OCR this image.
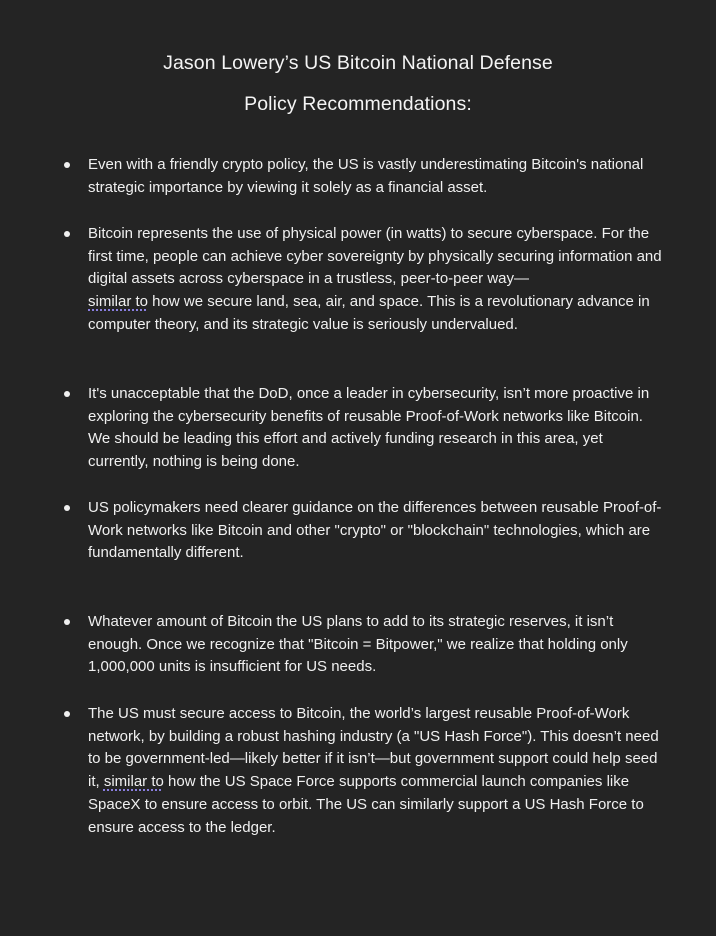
Jason Lowery’s US Bitcoin National Defense
Policy Recommendations:
Even with a friendly crypto policy, the US is vastly underestimating Bitcoin's national strategic importance by viewing it solely as a financial asset.
Bitcoin represents the use of physical power (in watts) to secure cyberspace. For the first time, people can achieve cyber sovereignty by physically securing information and digital assets across cyberspace in a trustless, peer-to-peer way—
similar to how we secure land, sea, air, and space. This is a revolutionary advance in computer theory, and its strategic value is seriously undervalued.
It's unacceptable that the DoD, once a leader in cybersecurity, isn’t more proactive in exploring the cybersecurity benefits of reusable Proof-of-Work networks like Bitcoin. We should be leading this effort and actively funding research in this area, yet currently, nothing is being done.
US policymakers need clearer guidance on the differences between reusable Proof-of-Work networks like Bitcoin and other "crypto" or "blockchain" technologies, which are fundamentally different.
Whatever amount of Bitcoin the US plans to add to its strategic reserves, it isn’t enough. Once we recognize that "Bitcoin = Bitpower," we realize that holding only 1,000,000 units is insufficient for US needs.
The US must secure access to Bitcoin, the world’s largest reusable Proof-of-Work network, by building a robust hashing industry (a "US Hash Force"). This doesn’t need to be government-led—likely better if it isn’t—but government support could help seed it, similar to how the US Space Force supports commercial launch companies like SpaceX to ensure access to orbit. The US can similarly support a US Hash Force to ensure access to the ledger.
